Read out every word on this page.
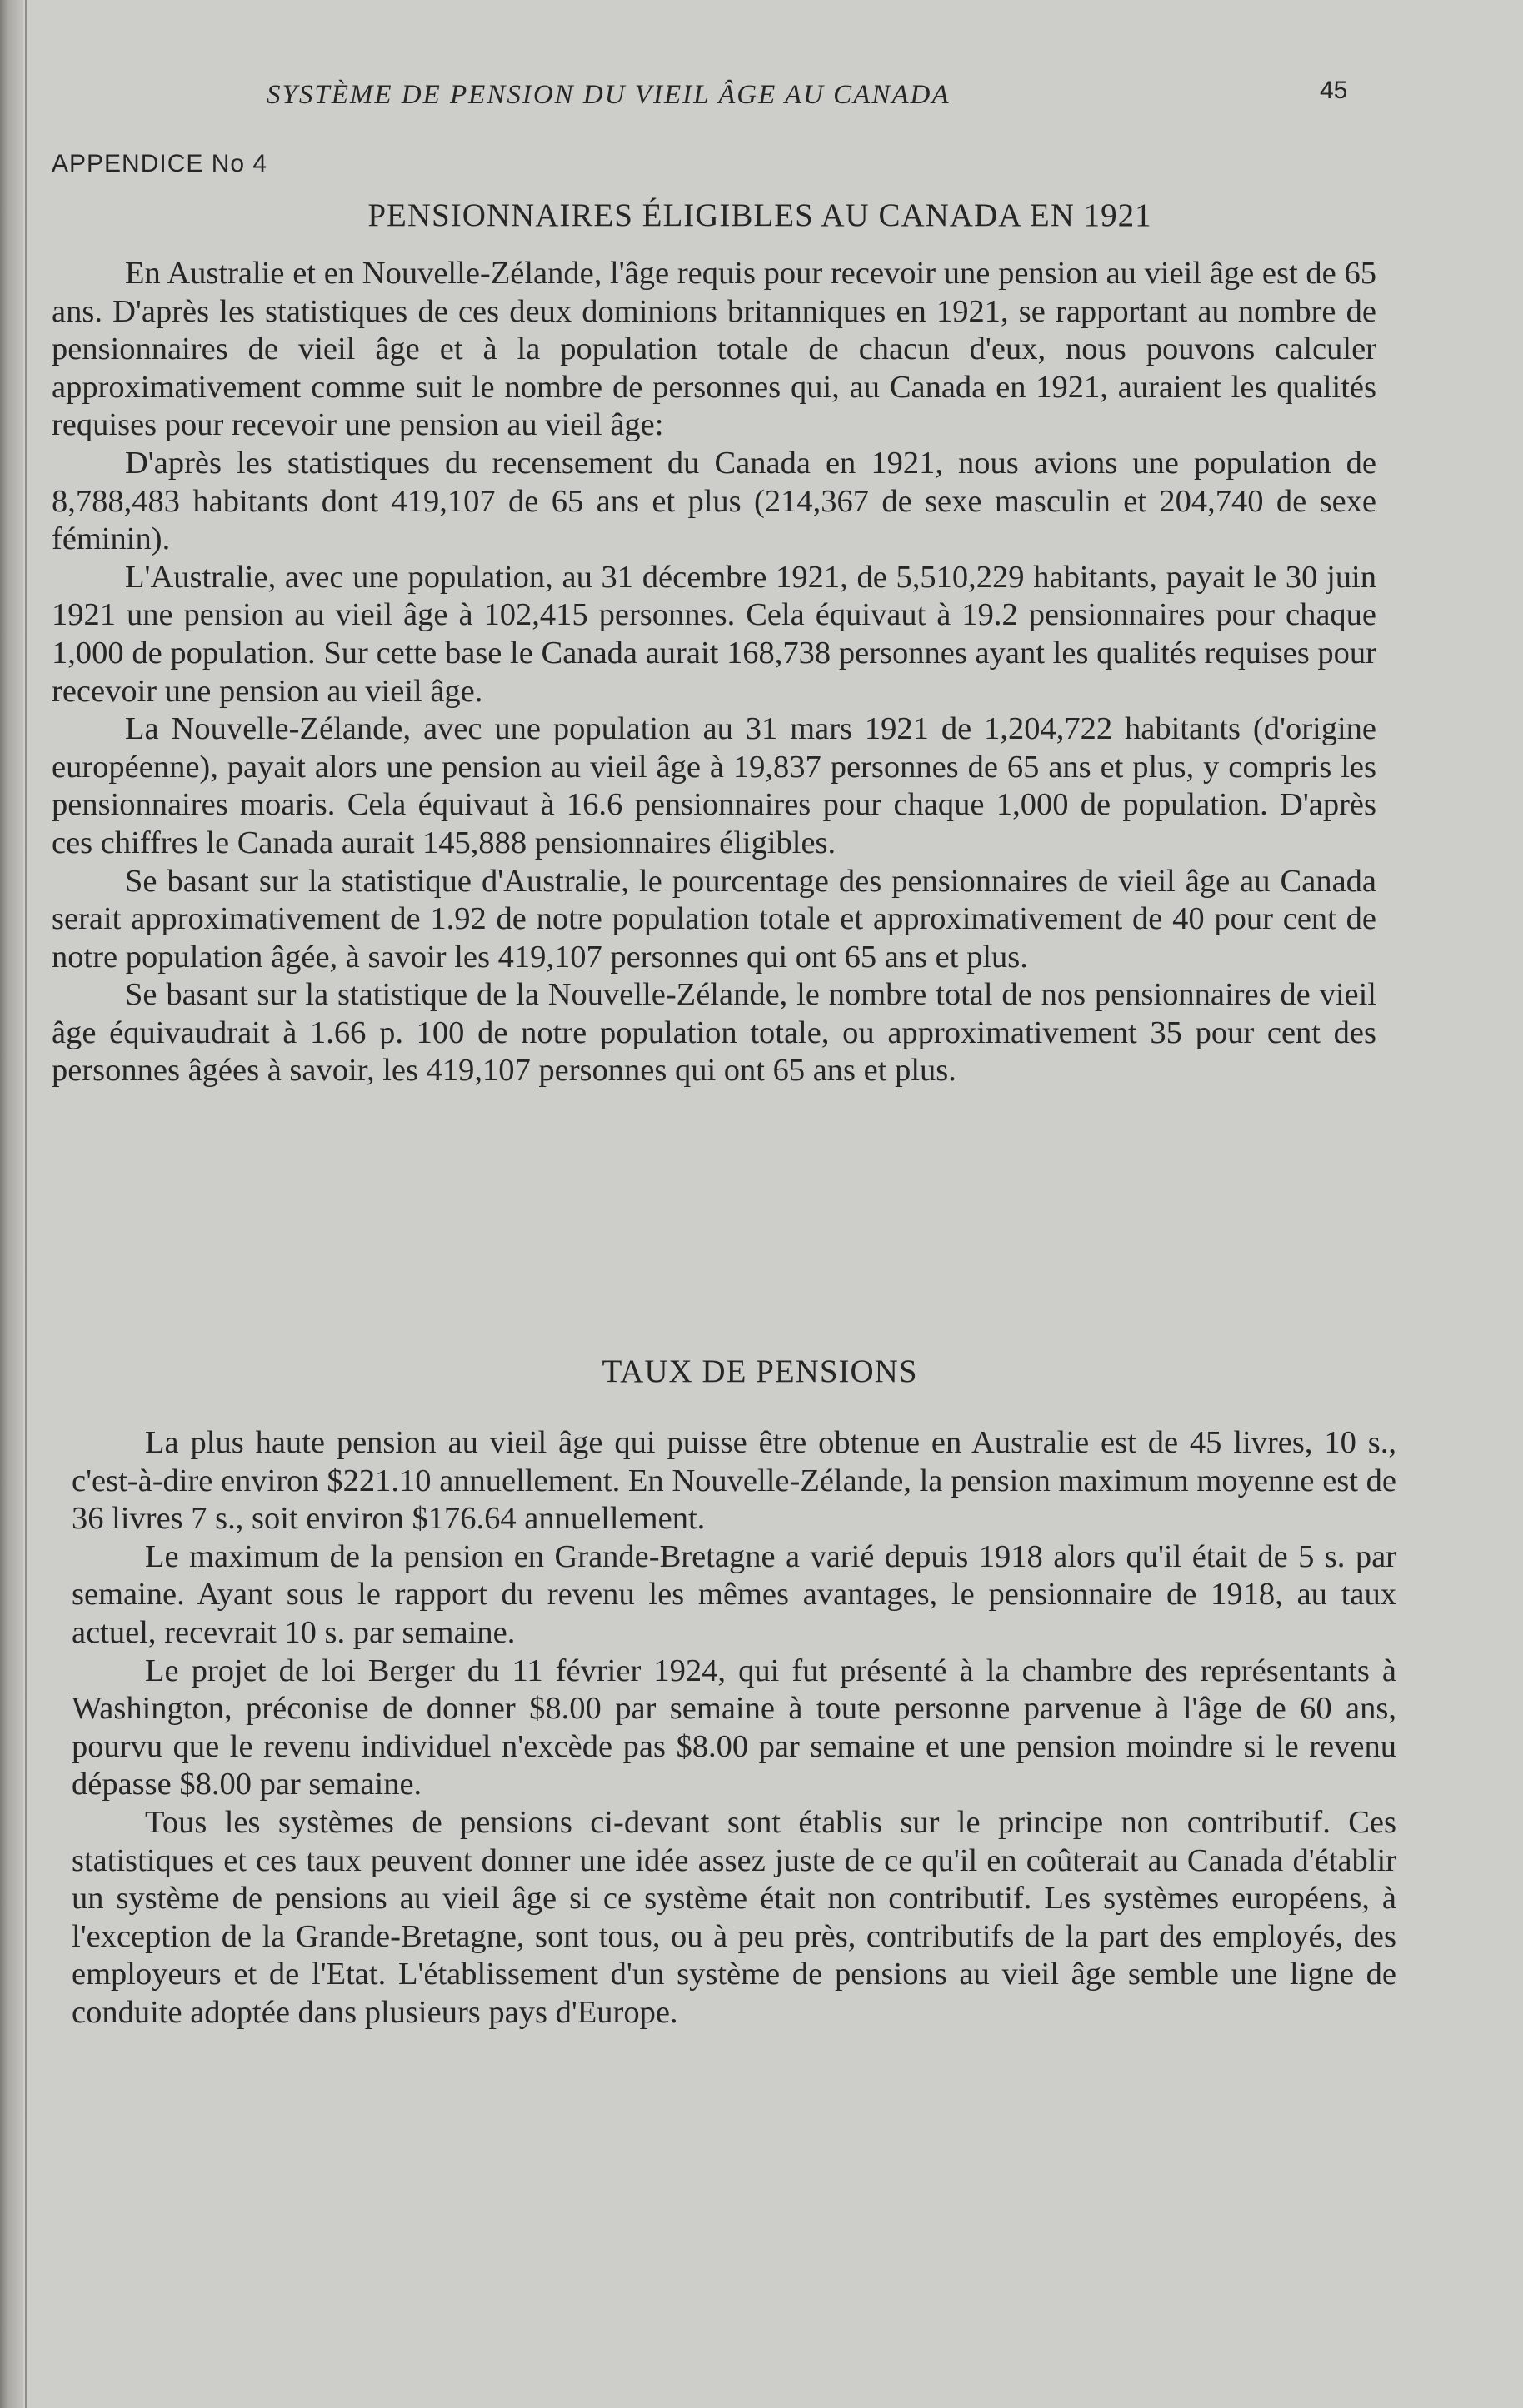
SYSTÈME DE PENSION DU VIEIL ÂGE AU CANADA	45
APPENDICE No 4
PENSIONNAIRES ÉLIGIBLES AU CANADA EN 1921

En Australie et en Nouvelle-Zélande, l'âge requis pour recevoir une pension au vieil âge est de 65 ans. D'après les statistiques de ces deux dominions britanniques en 1921, se rapportant au nombre de pensionnaires de vieil âge et à la population totale de chacun d'eux, nous pouvons calculer approximativement comme suit le nombre de personnes qui, au Canada en 1921, auraient les qualités requises pour recevoir une pension au vieil âge:

D'après les statistiques du recensement du Canada en 1921, nous avions une population de 8,788,483 habitants dont 419,107 de 65 ans et plus (214,367 de sexe masculin et 204,740 de sexe féminin).

L'Australie, avec une population, au 31 décembre 1921, de 5,510,229 habitants, payait le 30 juin 1921 une pension au vieil âge à 102,415 personnes. Cela équivaut à 19.2 pensionnaires pour chaque 1,000 de population. Sur cette base le Canada aurait 168,738 personnes ayant les qualités requises pour recevoir une pension au vieil âge.

La Nouvelle-Zélande, avec une population au 31 mars 1921 de 1,204,722 habitants (d'origine européenne), payait alors une pension au vieil âge à 19,837 personnes de 65 ans et plus, y compris les pensionnaires moaris. Cela équivaut à 16.6 pensionnaires pour chaque 1,000 de population. D'après ces chiffres le Canada aurait 145,888 pensionnaires éligibles.

Se basant sur la statistique d'Australie, le pourcentage des pensionnaires de vieil âge au Canada serait approximativement de 1.92 de notre population totale et approximativement de 40 pour cent de notre population âgée, à savoir les 419,107 personnes qui ont 65 ans et plus.

Se basant sur la statistique de la Nouvelle-Zélande, le nombre total de nos pensionnaires de vieil âge équivaudrait à 1.66 p. 100 de notre population totale, ou approximativement 35 pour cent des personnes âgées à savoir, les 419,107 personnes qui ont 65 ans et plus.

TAUX DE PENSIONS

La plus haute pension au vieil âge qui puisse être obtenue en Australie est de 45 livres, 10 s., c'est-à-dire environ $221.10 annuellement. En Nouvelle-Zélande, la pension maximum moyenne est de 36 livres 7 s., soit environ $176.64 annuellement.

Le maximum de la pension en Grande-Bretagne a varié depuis 1918 alors qu'il était de 5 s. par semaine. Ayant sous le rapport du revenu les mêmes avantages, le pensionnaire de 1918, au taux actuel, recevrait 10 s. par semaine.

Le projet de loi Berger du 11 février 1924, qui fut présenté à la chambre des représentants à Washington, préconise de donner $8.00 par semaine à toute personne parvenue à l'âge de 60 ans, pourvu que le revenu individuel n'excède pas $8.00 par semaine et une pension moindre si le revenu dépasse $8.00 par semaine.

Tous les systèmes de pensions ci-devant sont établis sur le principe non contributif. Ces statistiques et ces taux peuvent donner une idée assez juste de ce qu'il en coûterait au Canada d'établir un système de pensions au vieil âge si ce système était non contributif. Les systèmes européens, à l'exception de la Grande-Bretagne, sont tous, ou à peu près, contributifs de la part des employés, des employeurs et de l'Etat. L'établissement d'un système de pensions au vieil âge semble une ligne de conduite adoptée dans plusieurs pays d'Europe.
